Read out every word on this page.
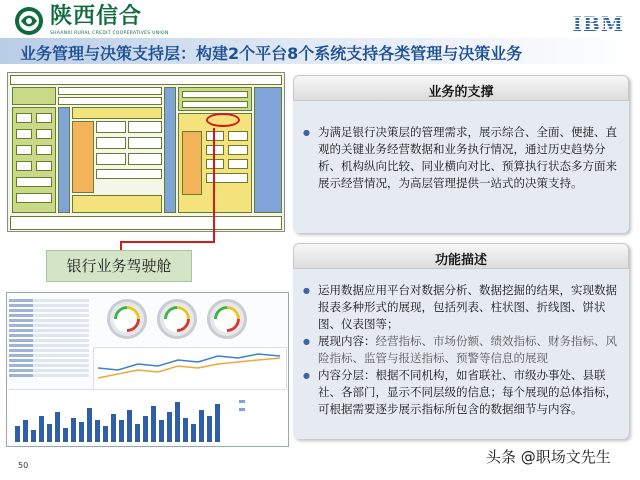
陕西信合
SHAANXI RURAL CREDIT COOPERATIVES UNION	IBM
业务管理与决策支持层：构建2个平台8个系统支持各类管理与决策业务
银行业务驾驶舱
业务的支撑
● 为满足银行决策层的管理需求，展示综合、全面、便捷、直观的关键业务经营数据和业务执行情况，通过历史趋势分析、机构纵向比较、同业横向对比、预算执行状态多方面来展示经营情况，为高层管理提供一站式的决策支持。
功能描述
● 运用数据应用平台对数据分析、数据挖掘的结果，实现数据报表多种形式的展现，包括列表、柱状图、折线图、饼状图、仪表图等；
● 展现内容：经营指标、市场份额、绩效指标、财务指标、风险指标、监管与报送指标、预警等信息的展现
● 内容分层：根据不同机构，如省联社、市级办事处、县联社、各部门，显示不同层级的信息；每个展现的总体指标，可根据需要逐步展示指标所包含的数据细节与内容。
50	头条 @职场文先生
